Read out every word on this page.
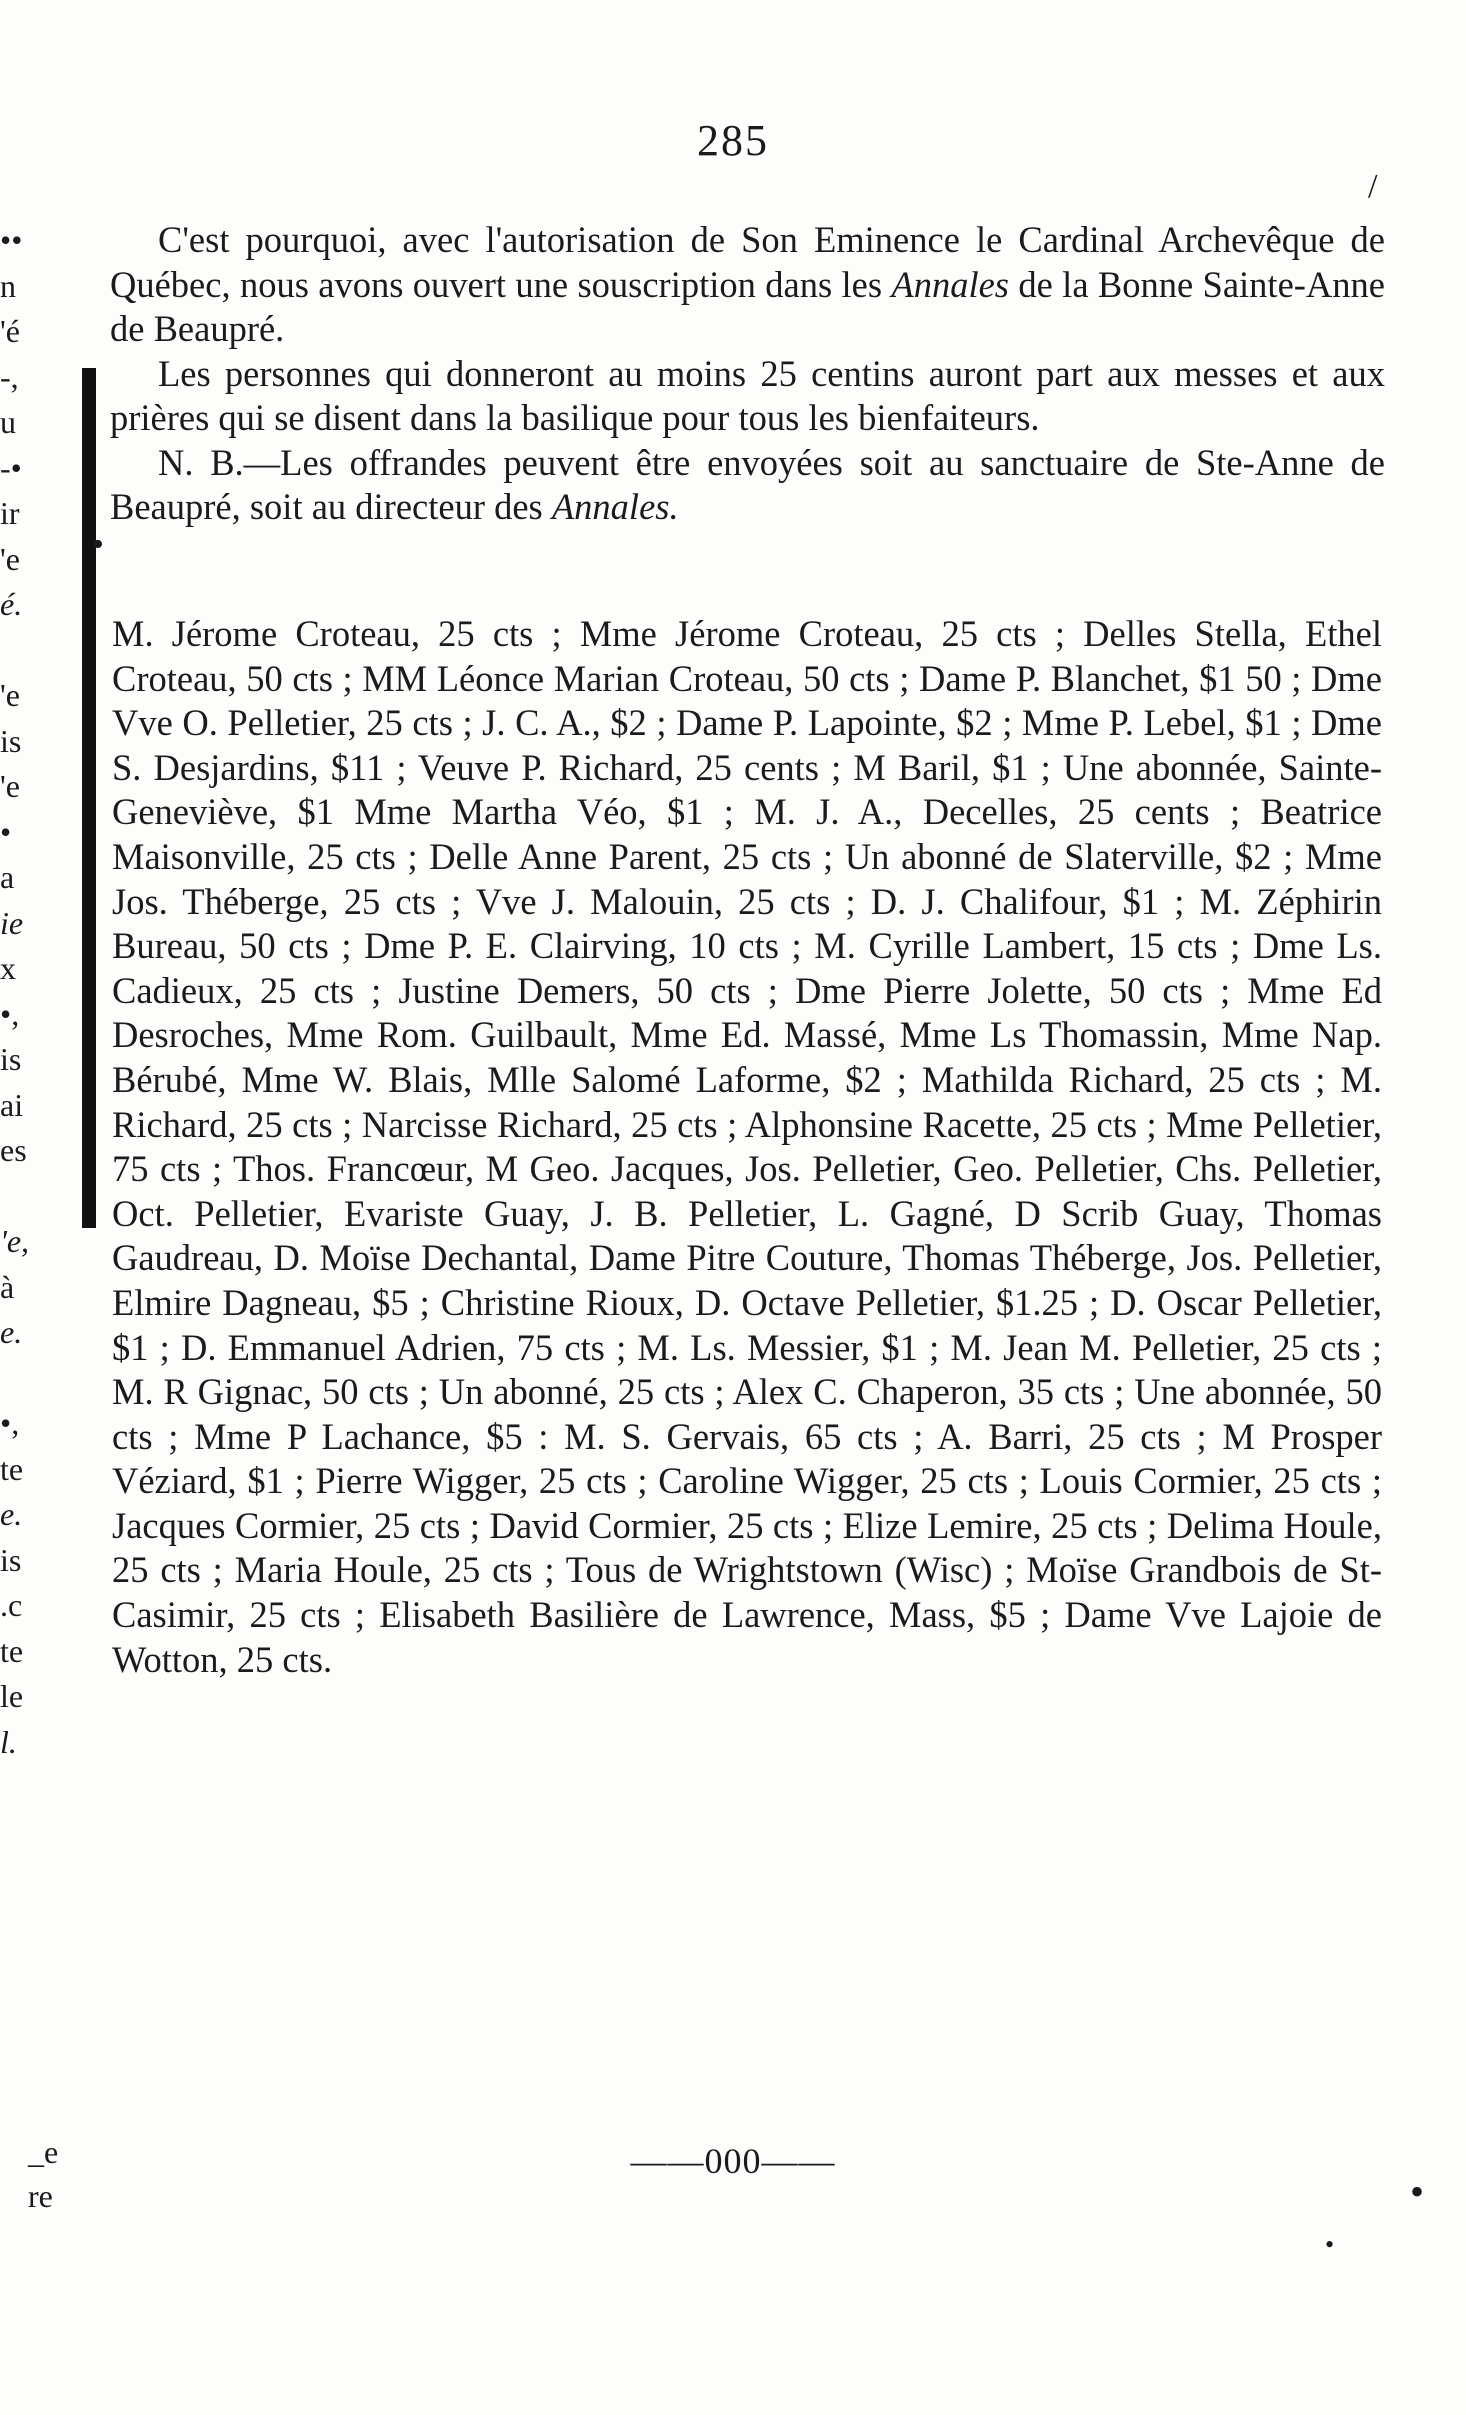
285
/
••
n
'é
-,
u
-•
ir
'e
é.
'e
is
'e
•
a
ie
x
•,
is
ai
es
'e,
à
e.
•,
te
e.
is
.c
te
le
l.
•

C'est pourquoi, avec l'autorisation de Son Eminence le Cardinal Archevêque de Québec, nous avons ouvert une souscription dans les Annales de la Bonne Sainte-Anne de Beaupré.

Les personnes qui donneront au moins 25 centins auront part aux messes et aux prières qui se disent dans la basilique pour tous les bienfaiteurs.

N. B.—Les offrandes peuvent être envoyées soit au sanctuaire de Ste-Anne de Beaupré, soit au directeur des Annales.

M. Jérome Croteau, 25 cts ; Mme Jérome Croteau, 25 cts ; Delles Stella, Ethel Croteau, 50 cts ; MM Léonce Marian Croteau, 50 cts ; Dame P. Blanchet, $1 50 ; Dme Vve O. Pelletier, 25 cts ; J. C. A., $2 ; Dame P. Lapointe, $2 ; Mme P. Lebel, $1 ; Dme S. Desjardins, $11 ; Veuve P. Richard, 25 cents ; M Baril, $1 ; Une abonnée, Sainte-Geneviève, $1 Mme Martha Véo, $1 ; M. J. A., Decelles, 25 cents ; Beatrice Maisonville, 25 cts ; Delle Anne Parent, 25 cts ; Un abonné de Slaterville, $2 ; Mme Jos. Théberge, 25 cts ; Vve J. Malouin, 25 cts ; D. J. Chalifour, $1 ; M. Zéphirin Bureau, 50 cts ; Dme P. E. Clairving, 10 cts ; M. Cyrille Lambert, 15 cts ; Dme Ls. Cadieux, 25 cts ; Justine Demers, 50 cts ; Dme Pierre Jolette, 50 cts ; Mme Ed Desroches, Mme Rom. Guilbault, Mme Ed. Massé, Mme Ls Thomassin, Mme Nap. Bérubé, Mme W. Blais, Mlle Salomé Laforme, $2 ; Mathilda Richard, 25 cts ; M. Richard, 25 cts ; Narcisse Richard, 25 cts ; Alphonsine Racette, 25 cts ; Mme Pelletier, 75 cts ; Thos. Francœur, M Geo. Jacques, Jos. Pelletier, Geo. Pelletier, Chs. Pelletier, Oct. Pelletier, Evariste Guay, J. B. Pelletier, L. Gagné, D Scrib Guay, Thomas Gaudreau, D. Moïse Dechantal, Dame Pitre Couture, Thomas Théberge, Jos. Pelletier, Elmire Dagneau, $5 ; Christine Rioux, D. Octave Pelletier, $1.25 ; D. Oscar Pelletier, $1 ; D. Emmanuel Adrien, 75 cts ; M. Ls. Messier, $1 ; M. Jean M. Pelletier, 25 cts ; M. R Gignac, 50 cts ; Un abonné, 25 cts ; Alex C. Chaperon, 35 cts ; Une abonnée, 50 cts ; Mme P Lachance, $5 : M. S. Gervais, 65 cts ; A. Barri, 25 cts ; M Prosper Véziard, $1 ; Pierre Wigger, 25 cts ; Caroline Wigger, 25 cts ; Louis Cormier, 25 cts ; Jacques Cormier, 25 cts ; David Cormier, 25 cts ; Elize Lemire, 25 cts ; Delima Houle, 25 cts ; Maria Houle, 25 cts ; Tous de Wrightstown (Wisc) ; Moïse Grandbois de St-Casimir, 25 cts ; Elisabeth Basilière de Lawrence, Mass, $5 ; Dame Vve Lajoie de Wotton, 25 cts.
_e
re
——000——
•
•
